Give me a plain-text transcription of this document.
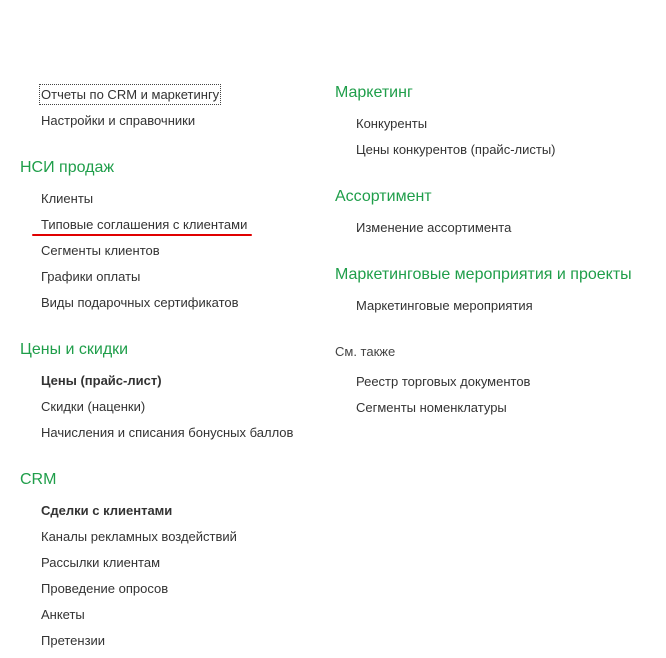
Отчеты по CRM и маркетингу
Настройки и справочники
НСИ продаж
Клиенты
Типовые соглашения с клиентами
Сегменты клиентов
Графики оплаты
Виды подарочных сертификатов
Цены и скидки
Цены (прайс-лист)
Скидки (наценки)
Начисления и списания бонусных баллов
CRM
Сделки с клиентами
Каналы рекламных воздействий
Рассылки клиентам
Проведение опросов
Анкеты
Претензии
Маркетинг
Конкуренты
Цены конкурентов (прайс-листы)
Ассортимент
Изменение ассортимента
Маркетинговые мероприятия и проекты
Маркетинговые мероприятия
См. также
Реестр торговых документов
Сегменты номенклатуры
